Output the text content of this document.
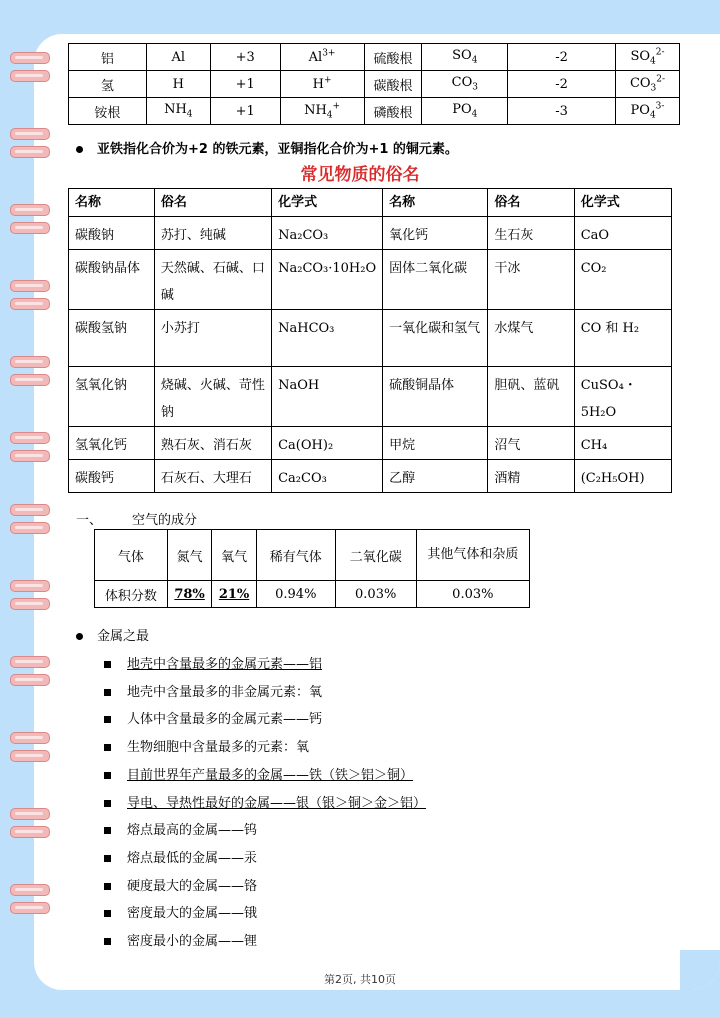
铝	Al	+3	$Al^{3+}$	硫酸根	$SO_4$	-2	$SO_4^{2-}$
氢	H	+1	H+	碳酸根	$CO_3$	-2	$CO_3^{2-}$
铵根	$NH_4$	+1	$NH_4^+$	磷酸根	$PO_4$	-3	$PO_4^{3-}$
亚铁指化合价为+2 的铁元素，亚铜指化合价为+1 的铜元素。
常见物质的俗名
名称	俗名	化学式	名称	俗名	化学式
碳酸钠	苏打、纯碱	Na₂CO₃	氧化钙	生石灰	CaO
碳酸钠晶体	天然碱、石碱、口碱	Na₂CO₃·10H₂O	固体二氧化碳	干冰	CO₂
碳酸氢钠	小苏打	NaHCO₃	一氧化碳和氢气	水煤气	CO 和 H₂
氢氧化钠	烧碱、火碱、苛性钠	NaOH	硫酸铜晶体	胆矾、蓝矾	CuSO₄・5H₂O
氢氧化钙	熟石灰、消石灰	Ca(OH)₂	甲烷	沼气	CH₄
碳酸钙	石灰石、大理石	Ca₂CO₃	乙醇	酒精	(C₂H₅OH)
一、 空气的成分
气体	氮气	氧气	稀有气体	二氧化碳	其他气体和杂质
体积分数	78%	21%	0.94%	0.03%	0.03%
金属之最
地壳中含量最多的金属元素——铝
地壳中含量最多的非金属元素：氧
人体中含量最多的金属元素——钙
生物细胞中含量最多的元素：氧
目前世界年产量最多的金属——铁（铁＞铝＞铜）
导电、导热性最好的金属——银（银＞铜＞金＞铝）
熔点最高的金属——钨
熔点最低的金属——汞
硬度最大的金属——铬
密度最大的金属——锇
密度最小的金属——锂
第2页, 共10页
